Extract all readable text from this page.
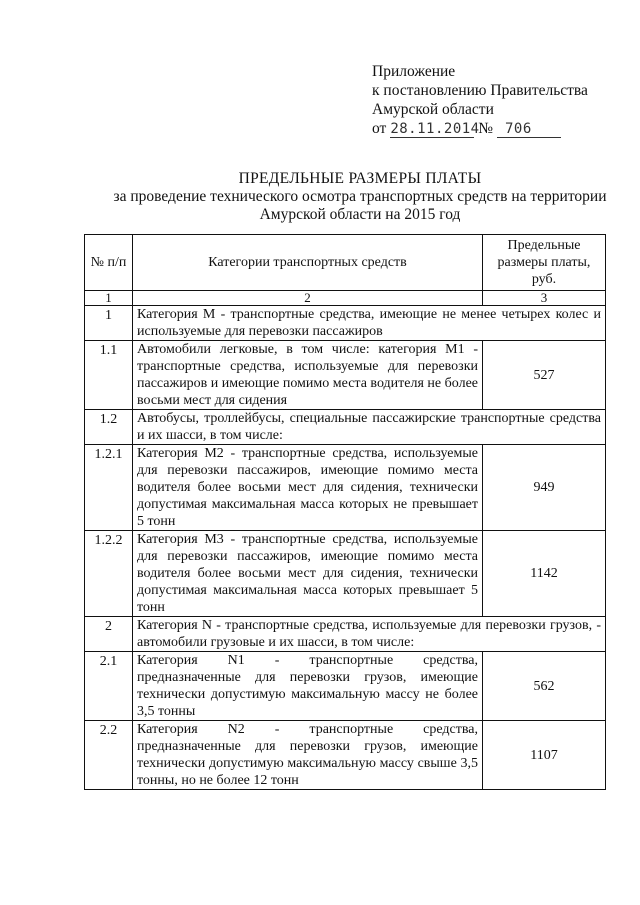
Приложение
к постановлению Правительства
Амурской области
от 28.11.2014 № 706
ПРЕДЕЛЬНЫЕ РАЗМЕРЫ ПЛАТЫ
за проведение технического осмотра транспортных средств на территории
Амурской области на 2015 год
№ п/п	Категории транспортных средств	Предельные размеры платы, руб.
1	2	3
1	Категория M - транспортные средства, имеющие не менее четырех колес и используемые для перевозки пассажиров	
1.1	Автомобили легковые, в том числе: категория M1 - транспортные средства, используемые для перевозки пассажиров и имеющие помимо места водителя не более восьми мест для сидения	527
1.2	Автобусы, троллейбусы, специальные пассажирские транспортные средства и их шасси, в том числе:	
1.2.1	Категория M2 - транспортные средства, используемые для перевозки пассажиров, имеющие помимо места водителя более восьми мест для сидения, технически допустимая максимальная масса которых не превышает 5 тонн	949
1.2.2	Категория M3 - транспортные средства, используемые для перевозки пассажиров, имеющие помимо места водителя более восьми мест для сидения, технически допустимая максимальная масса которых превышает 5 тонн	1142
2	Категория N - транспортные средства, используемые для перевозки грузов, - автомобили грузовые и их шасси, в том числе:	
2.1	Категория N1 - транспортные средства, предназначенные для перевозки грузов, имеющие технически допустимую максимальную массу не более 3,5 тонны	562
2.2	Категория N2 - транспортные средства, предназначенные для перевозки грузов, имеющие технически допустимую максимальную массу свыше 3,5 тонны, но не более 12 тонн	1107
